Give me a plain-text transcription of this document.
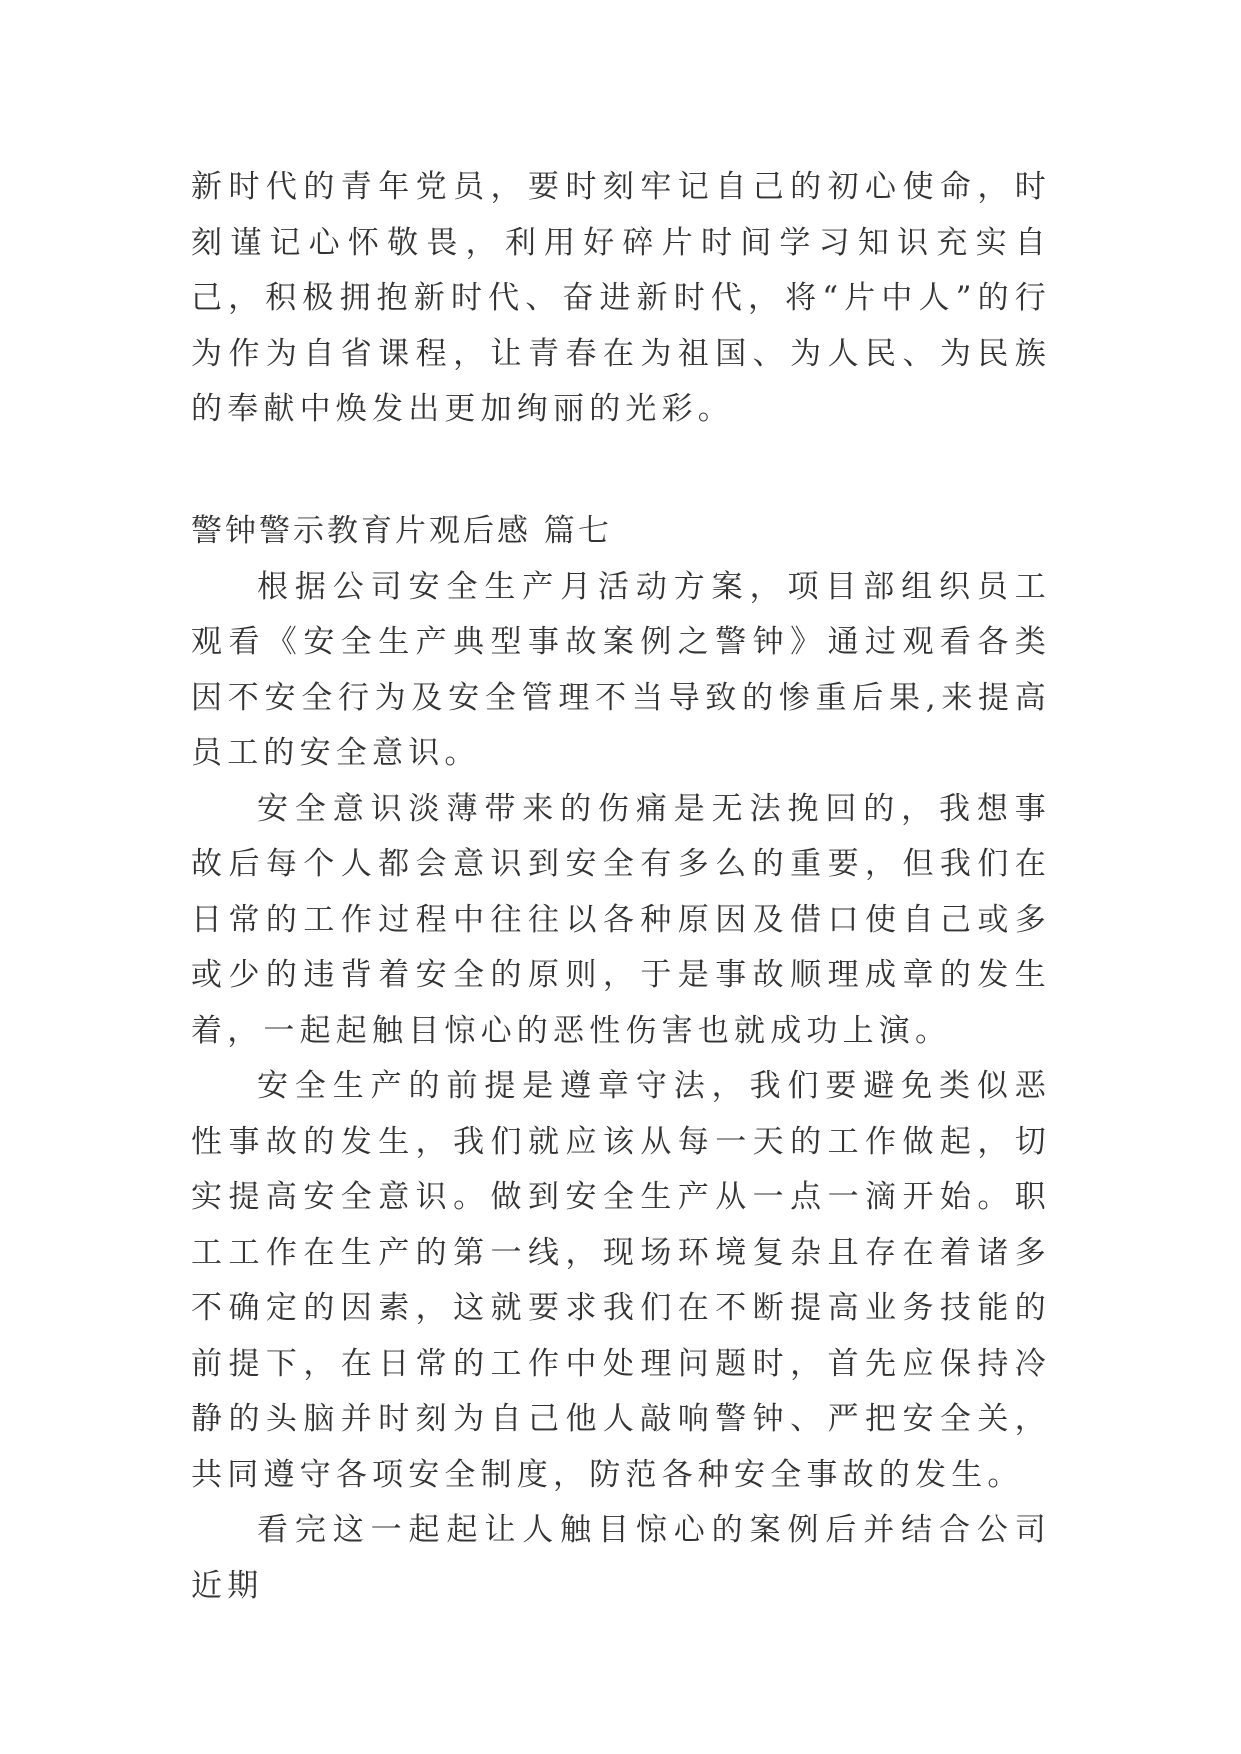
新时代的青年党员，要时刻牢记自己的初心使命，时刻谨记心怀敬畏，利用好碎片时间学习知识充实自己，积极拥抱新时代、奋进新时代，将“片中人”的行为作为自省课程，让青春在为祖国、为人民、为民族的奉献中焕发出更加绚丽的光彩。

警钟警示教育片观后感 篇七

根据公司安全生产月活动方案，项目部组织员工观看《安全生产典型事故案例之警钟》通过观看各类因不安全行为及安全管理不当导致的惨重后果,来提高员工的安全意识。

安全意识淡薄带来的伤痛是无法挽回的，我想事故后每个人都会意识到安全有多么的重要，但我们在日常的工作过程中往往以各种原因及借口使自己或多或少的违背着安全的原则，于是事故顺理成章的发生着，一起起触目惊心的恶性伤害也就成功上演。

安全生产的前提是遵章守法，我们要避免类似恶性事故的发生，我们就应该从每一天的工作做起，切实提高安全意识。做到安全生产从一点一滴开始。职工工作在生产的第一线，现场环境复杂且存在着诸多不确定的因素，这就要求我们在不断提高业务技能的前提下，在日常的工作中处理问题时，首先应保持冷静的头脑并时刻为自己他人敲响警钟、严把安全关，共同遵守各项安全制度，防范各种安全事故的发生。

看完这一起起让人触目惊心的案例后并结合公司近期
